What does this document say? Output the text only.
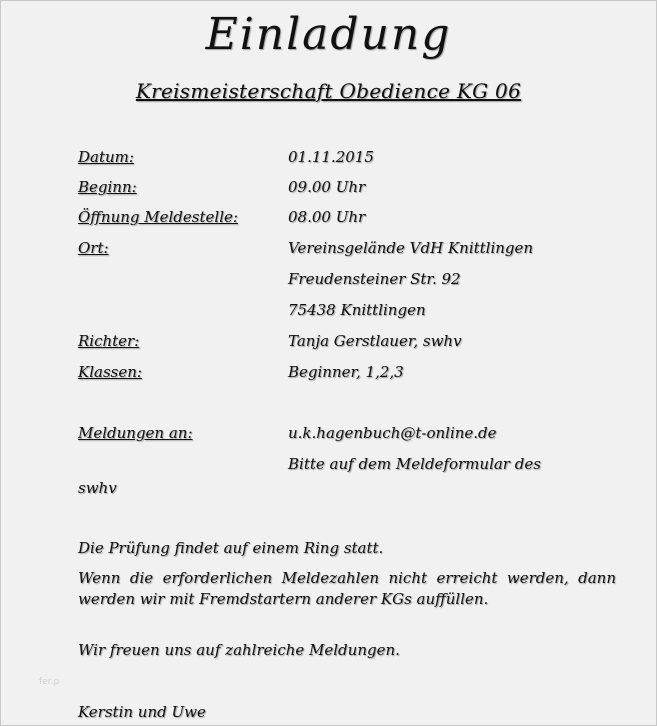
Einladung
Kreismeisterschaft Obedience KG 06
Datum:	01.11.2015
Beginn:	09.00 Uhr
Öffnung Meldestelle:	08.00 Uhr
Ort:	Vereinsgelände VdH Knittlingen
Freudensteiner Str. 92
75438 Knittlingen
Richter:	Tanja Gerstlauer, swhv
Klassen:	Beginner, 1,2,3
Meldungen an:	u.k.hagenbuch@t-online.de
Bitte auf dem Meldeformular des
swhv
Die Prüfung findet auf einem Ring statt.
Wenn die erforderlichen Meldezahlen nicht erreicht werden, dann werden wir mit Fremdstartern anderer KGs auffüllen.
Wir freuen uns auf zahlreiche Meldungen.
fer.p
Kerstin und Uwe
